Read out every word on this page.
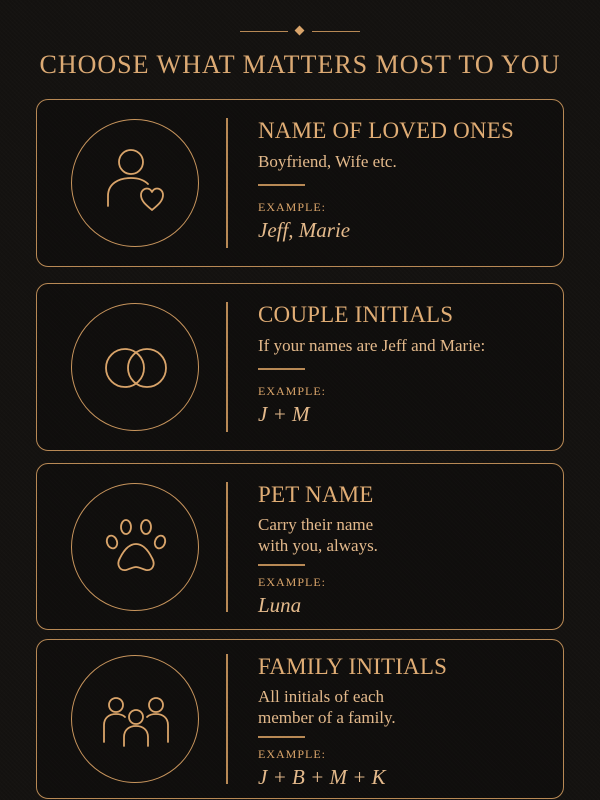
CHOOSE WHAT MATTERS MOST TO YOU
NAME OF LOVED ONES
Boyfriend, Wife etc.
EXAMPLE:
Jeff, Marie
COUPLE INITIALS
If your names are Jeff and Marie:
EXAMPLE:
J + M
PET NAME
Carry their name
with you, always.
EXAMPLE:
Luna
FAMILY INITIALS
All initials of each
member of a family.
EXAMPLE:
J + B + M + K
